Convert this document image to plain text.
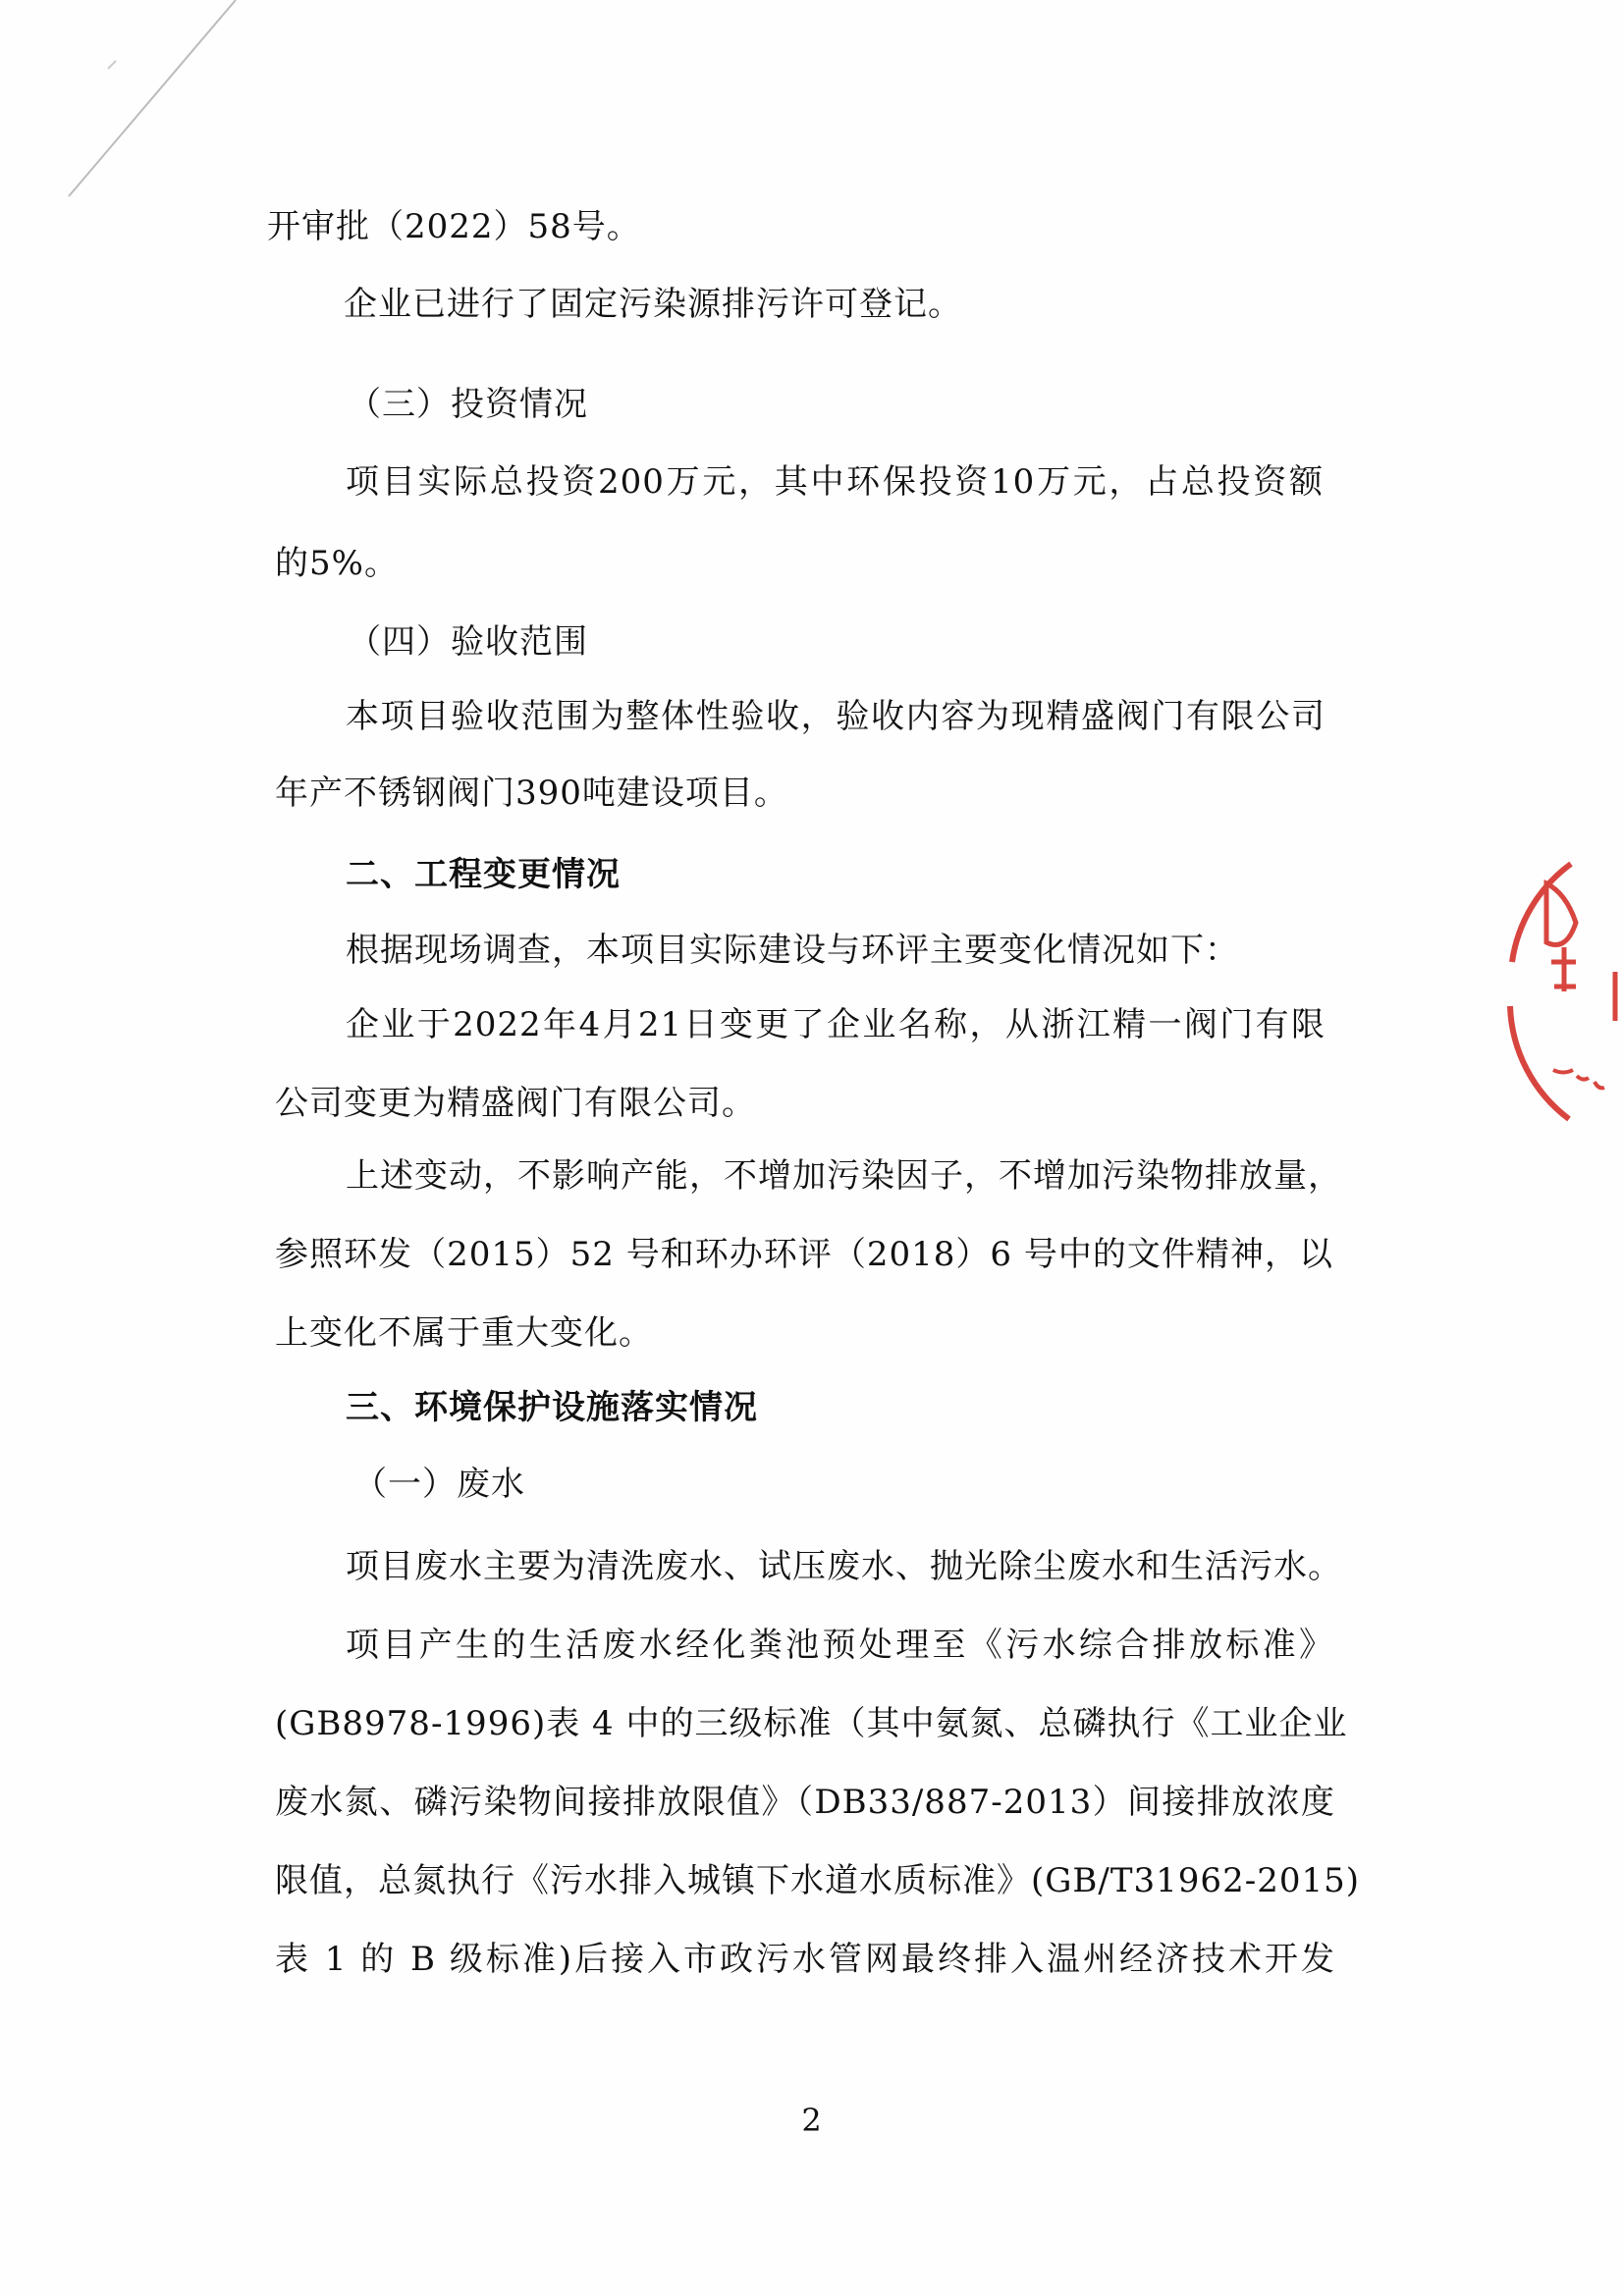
开审批（2022）58号。
企业已进行了固定污染源排污许可登记。
（三）投资情况
项目实际总投资200万元，其中环保投资10万元，占总投资额
的5%。
（四）验收范围
本项目验收范围为整体性验收，验收内容为现精盛阀门有限公司
年产不锈钢阀门390吨建设项目。
二、工程变更情况
根据现场调查，本项目实际建设与环评主要变化情况如下：
企业于2022年4月21日变更了企业名称，从浙江精一阀门有限
公司变更为精盛阀门有限公司。
上述变动，不影响产能，不增加污染因子，不增加污染物排放量，
参照环发（2015）52 号和环办环评（2018）6 号中的文件精神，以
上变化不属于重大变化。
三、环境保护设施落实情况
（一）废水
项目废水主要为清洗废水、试压废水、抛光除尘废水和生活污水。
项目产生的生活废水经化粪池预处理至《污水综合排放标准》
(GB8978-1996)表 4 中的三级标准（其中氨氮、总磷执行《工业企业
废水氮、磷污染物间接排放限值》（DB33/887-2013）间接排放浓度
限值，总氮执行《污水排入城镇下水道水质标准》(GB/T31962-2015)
表 1 的 B 级标准)后接入市政污水管网最终排入温州经济技术开发
2
